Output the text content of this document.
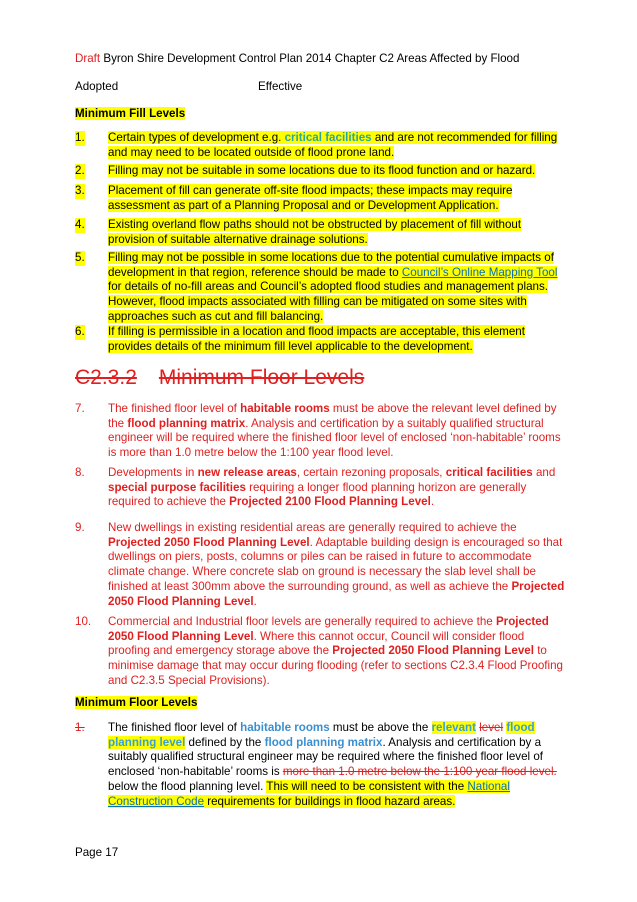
Draft Byron Shire Development Control Plan 2014 Chapter C2 Areas Affected by Flood
Adopted	Effective
Minimum Fill Levels
1. Certain types of development e.g. critical facilities and are not recommended for filling and may need to be located outside of flood prone land.
2. Filling may not be suitable in some locations due to its flood function and or hazard.
3. Placement of fill can generate off-site flood impacts; these impacts may require assessment as part of a Planning Proposal and or Development Application.
4. Existing overland flow paths should not be obstructed by placement of fill without provision of suitable alternative drainage solutions.
5. Filling may not be possible in some locations due to the potential cumulative impacts of development in that region, reference should be made to Council’s Online Mapping Tool for details of no-fill areas and Council’s adopted flood studies and management plans. However, flood impacts associated with filling can be mitigated on some sites with approaches such as cut and fill balancing.
6. If filling is permissible in a location and flood impacts are acceptable, this element provides details of the minimum fill level applicable to the development.
C2.3.2 Minimum Floor Levels
7. The finished floor level of habitable rooms must be above the relevant level defined by the flood planning matrix. Analysis and certification by a suitably qualified structural engineer will be required where the finished floor level of enclosed ‘non-habitable’ rooms is more than 1.0 metre below the 1:100 year flood level.
8. Developments in new release areas, certain rezoning proposals, critical facilities and special purpose facilities requiring a longer flood planning horizon are generally required to achieve the Projected 2100 Flood Planning Level.
9. New dwellings in existing residential areas are generally required to achieve the Projected 2050 Flood Planning Level. Adaptable building design is encouraged so that dwellings on piers, posts, columns or piles can be raised in future to accommodate climate change. Where concrete slab on ground is necessary the slab level shall be finished at least 300mm above the surrounding ground, as well as achieve the Projected 2050 Flood Planning Level.
10. Commercial and Industrial floor levels are generally required to achieve the Projected 2050 Flood Planning Level. Where this cannot occur, Council will consider flood proofing and emergency storage above the Projected 2050 Flood Planning Level to minimise damage that may occur during flooding (refer to sections C2.3.4 Flood Proofing and C2.3.5 Special Provisions).
Minimum Floor Levels
1. The finished floor level of habitable rooms must be above the relevant level flood planning level defined by the flood planning matrix. Analysis and certification by a suitably qualified structural engineer may be required where the finished floor level of enclosed ‘non-habitable’ rooms is more than 1.0 metre below the 1:100 year flood level. below the flood planning level. This will need to be consistent with the National Construction Code requirements for buildings in flood hazard areas.
Page 17
